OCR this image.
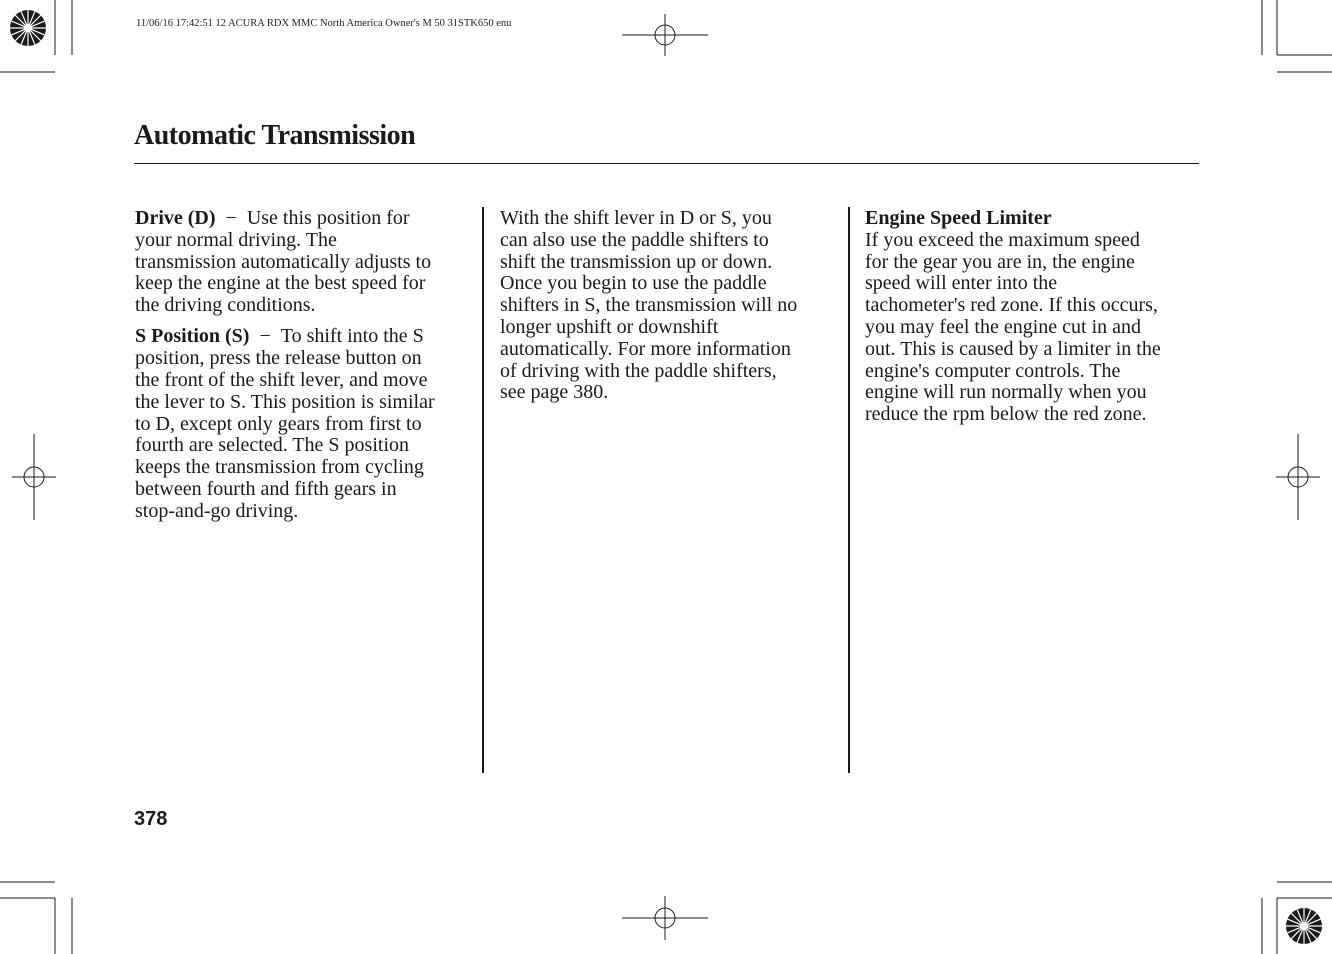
11/06/16 17:42:51 12 ACURA RDX MMC North America Owner's M 50 31STK650 enu
Automatic Transmission

Drive (D) − Use this position for
your normal driving. The
transmission automatically adjusts to
keep the engine at the best speed for
the driving conditions.

S Position (S) − To shift into the S
position, press the release button on
the front of the shift lever, and move
the lever to S. This position is similar
to D, except only gears from first to
fourth are selected. The S position
keeps the transmission from cycling
between fourth and fifth gears in
stop-and-go driving.

With the shift lever in D or S, you
can also use the paddle shifters to
shift the transmission up or down.
Once you begin to use the paddle
shifters in S, the transmission will no
longer upshift or downshift
automatically. For more information
of driving with the paddle shifters,
see page 380.

Engine Speed Limiter

If you exceed the maximum speed
for the gear you are in, the engine
speed will enter into the
tachometer's red zone. If this occurs,
you may feel the engine cut in and
out. This is caused by a limiter in the
engine's computer controls. The
engine will run normally when you
reduce the rpm below the red zone.

378
